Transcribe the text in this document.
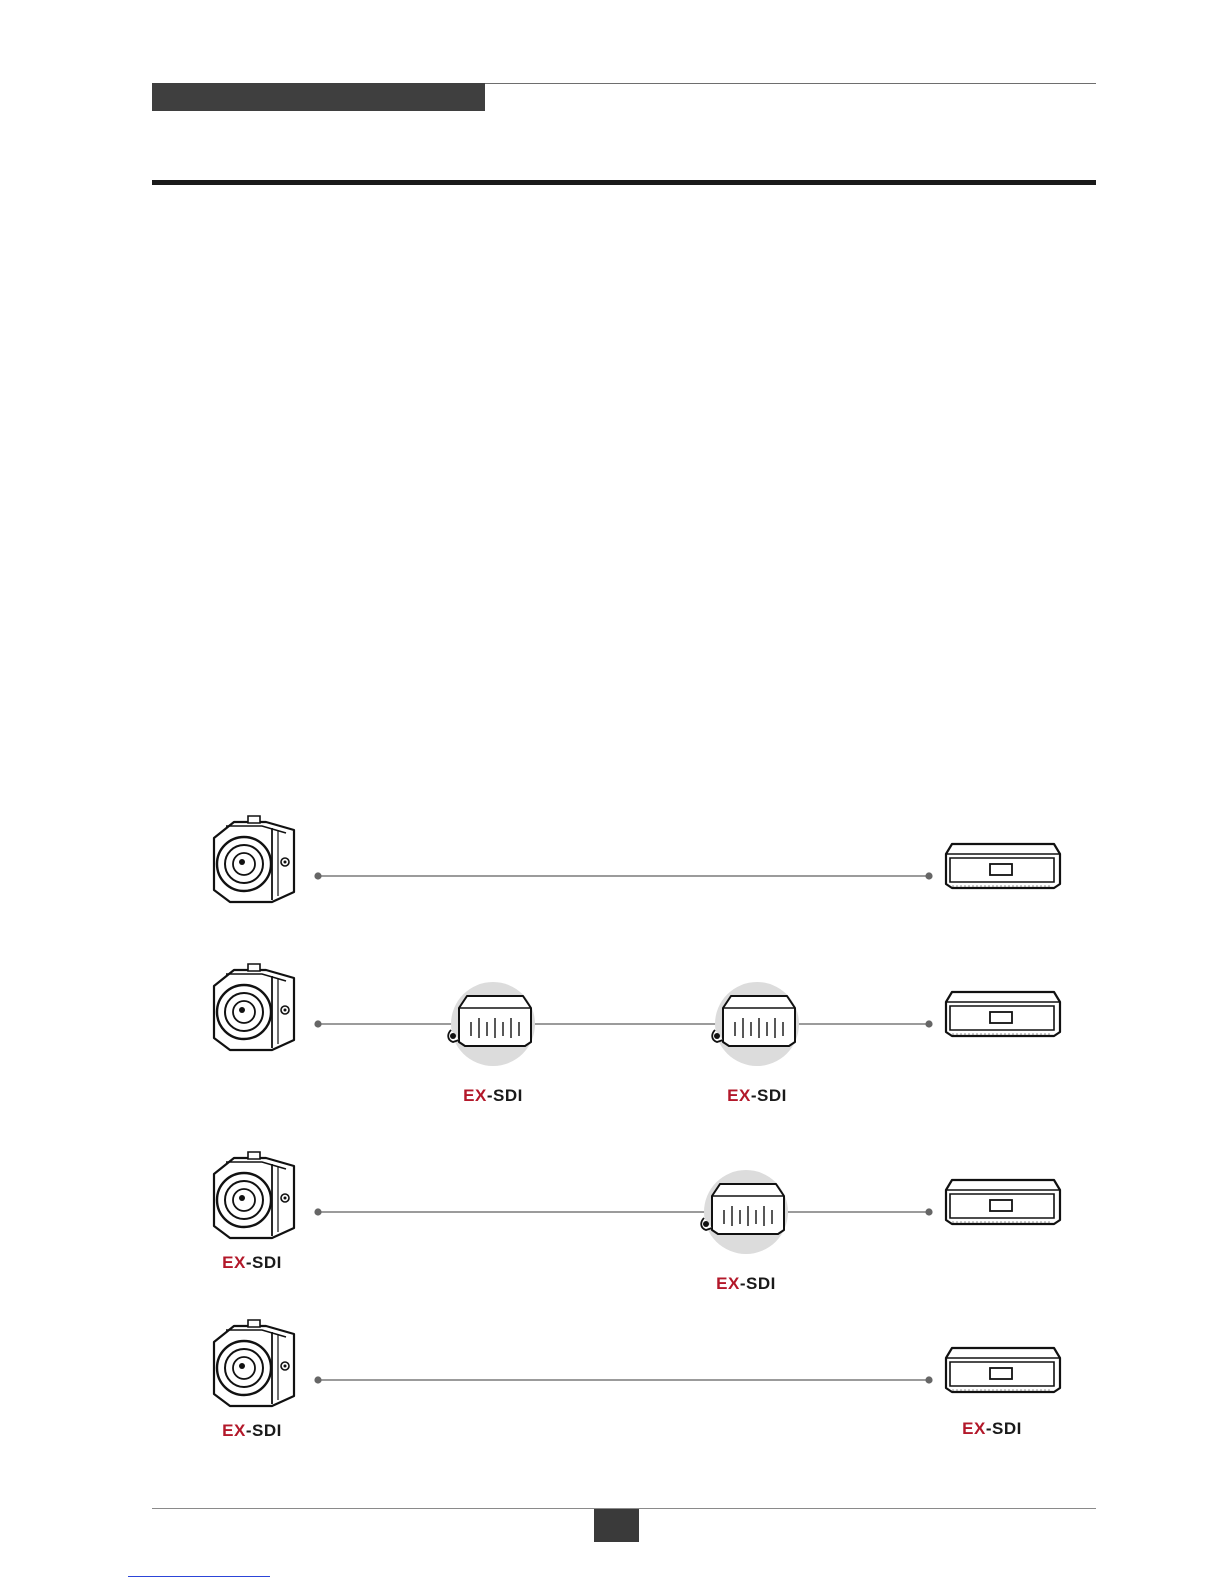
EX-SDI	EX-SDI
EX-SDI
EX-SDI
EX-SDI	EX-SDI
